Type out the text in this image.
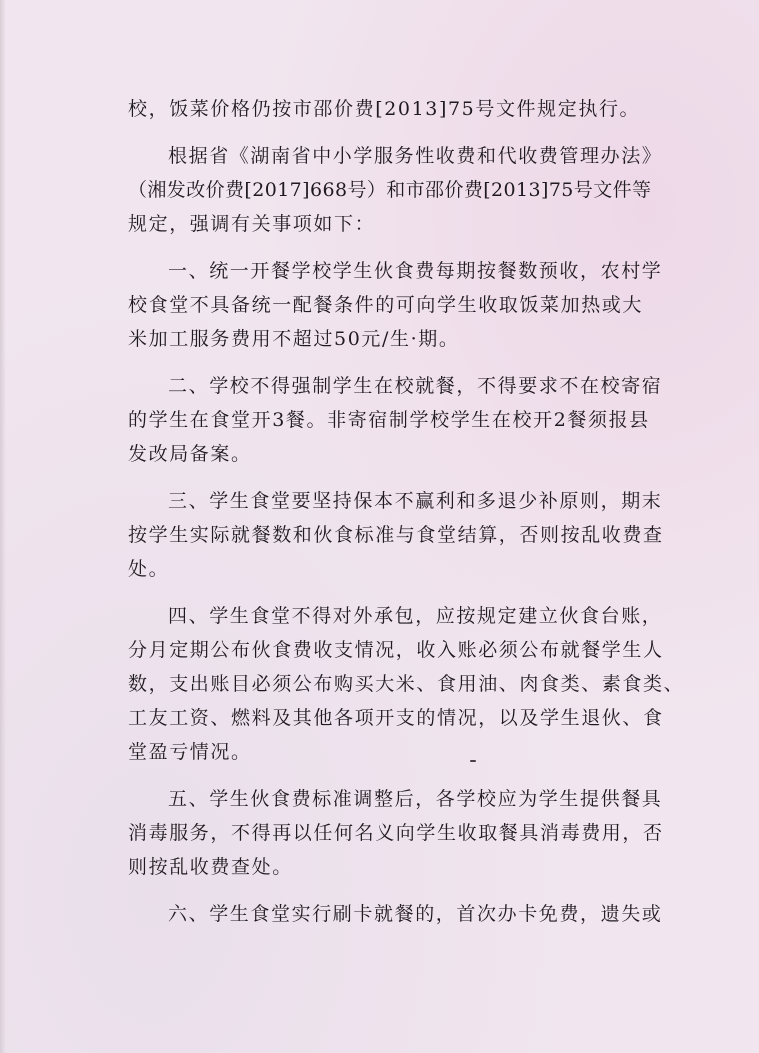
校，饭菜价格仍按市邵价费[2013]75号文件规定执行。
根据省《湖南省中小学服务性收费和代收费管理办法》
（湘发改价费[2017]668号）和市邵价费[2013]75号文件等
规定，强调有关事项如下：
一、统一开餐学校学生伙食费每期按餐数预收，农村学
校食堂不具备统一配餐条件的可向学生收取饭菜加热或大
米加工服务费用不超过50元/生·期。
二、学校不得强制学生在校就餐，不得要求不在校寄宿
的学生在食堂开3餐。非寄宿制学校学生在校开2餐须报县
发改局备案。
三、学生食堂要坚持保本不赢利和多退少补原则，期末
按学生实际就餐数和伙食标准与食堂结算，否则按乱收费查
处。
四、学生食堂不得对外承包，应按规定建立伙食台账，
分月定期公布伙食费收支情况，收入账必须公布就餐学生人
数，支出账目必须公布购买大米、食用油、肉食类、素食类、
工友工资、燃料及其他各项开支的情况，以及学生退伙、食
堂盈亏情况。
五、学生伙食费标准调整后，各学校应为学生提供餐具
消毒服务，不得再以任何名义向学生收取餐具消毒费用，否
则按乱收费查处。
六、学生食堂实行刷卡就餐的，首次办卡免费，遗失或
